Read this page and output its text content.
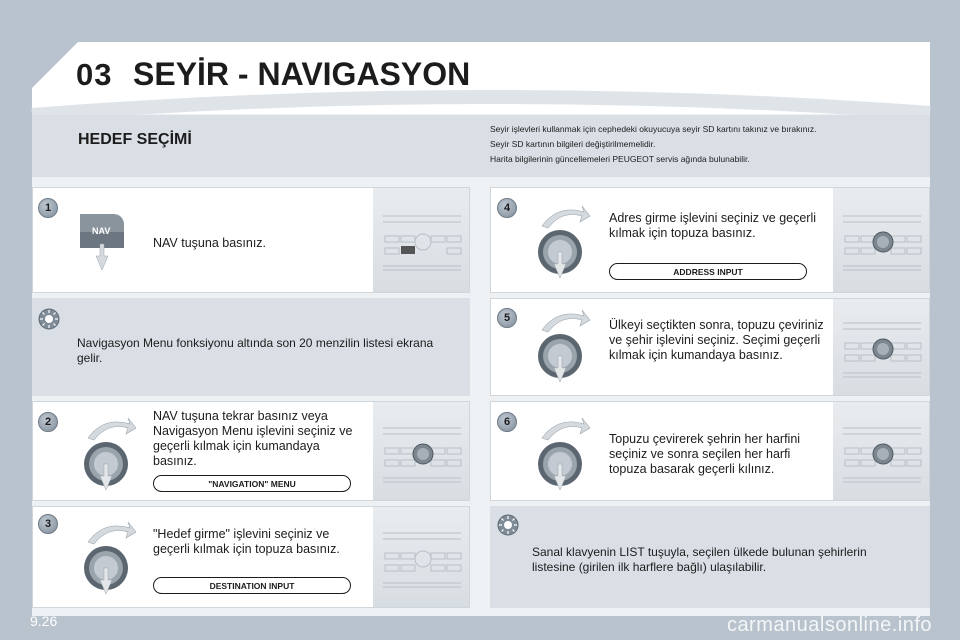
03 SEYİR - NAVIGASYON
HEDEF SEÇİMİ
Seyir işlevleri kullanmak için cephedeki okuyucuya seyir SD kartını takınız ve bırakınız.
Seyir SD kartının bilgileri değiştirilmemelidir.
Harita bilgilerinin güncellemeleri PEUGEOT servis ağında bulunabilir.
1
NAV
NAV tuşuna basınız.
Navigasyon Menu fonksiyonu altında son 20 menzilin listesi ekrana gelir.
2	NAV tuşuna tekrar basınız veya Navigasyon Menu işlevini seçiniz ve geçerli kılmak için kumandaya basınız.
"NAVIGATION" MENU
3
"Hedef girme" işlevini seçiniz ve geçerli kılmak için topuza basınız.
DESTINATION INPUT
4
Adres girme işlevini seçiniz ve geçerli kılmak için topuza basınız.
ADDRESS INPUT
5	Ülkeyi seçtikten sonra, topuzu çeviriniz ve şehir işlevini seçiniz. Seçimi geçerli kılmak için kumandaya basınız.
6
Topuzu çevirerek şehrin her harfini seçiniz ve sonra seçilen her harfi topuza basarak geçerli kılınız.
Sanal klavyenin LIST tuşuyla, seçilen ülkede bulunan şehirlerin listesine (girilen ilk harflere bağlı) ulaşılabilir.
9.26	carmanualsonline.info
